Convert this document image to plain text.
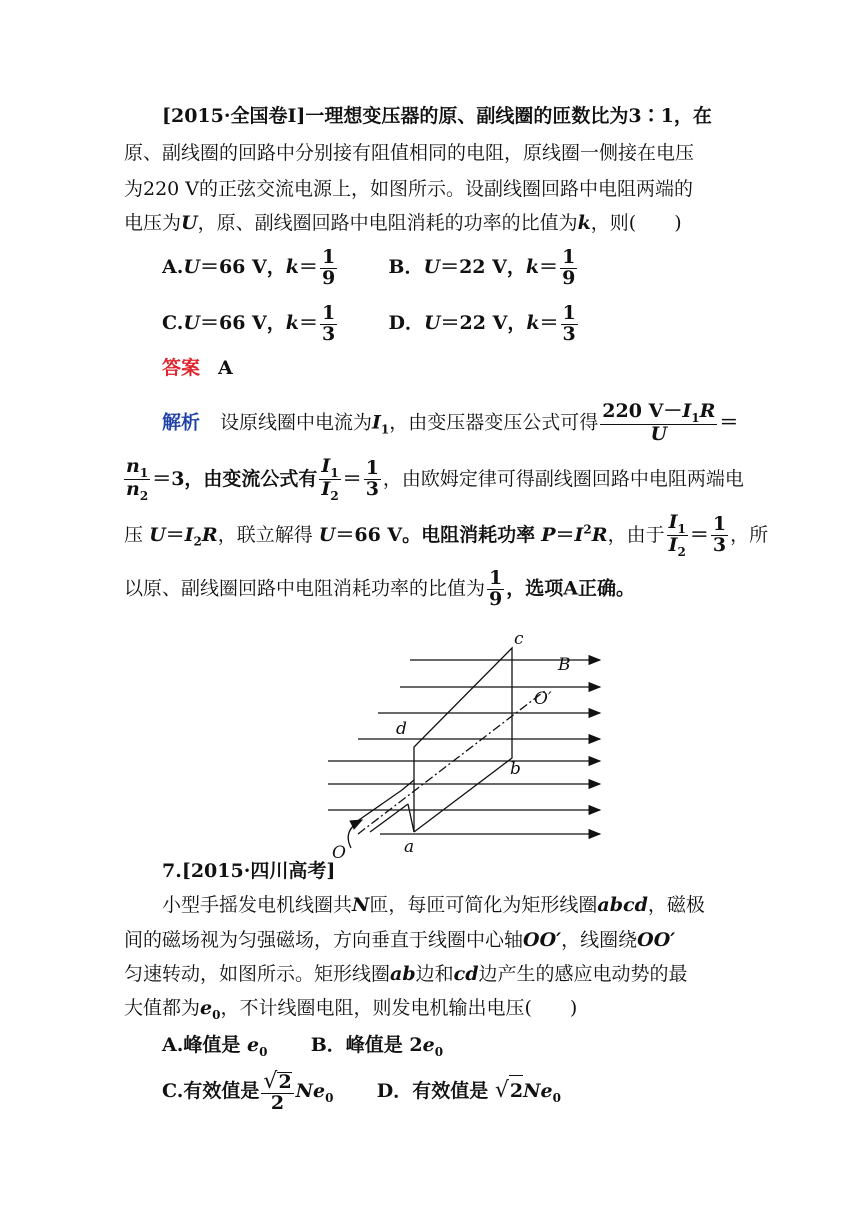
[2015·全国卷Ⅰ]一理想变压器的原、副线圈的匝数比为3∶1，在
原、副线圈的回路中分别接有阻值相同的电阻，原线圈一侧接在电压
为220 V的正弦交流电源上，如图所示。设副线圈回路中电阻两端的
电压为U，原、副线圈回路中电阻消耗的功率的比值为k，则(　　)
A.U＝66 V，$k= \frac{1}{9}$	B．U＝22 V，$k= \frac{1}{9}$
C.U＝66 V，$k= \frac{1}{3}$	D．U＝22 V，$k= \frac{1}{3}$
答案 A
解析 设原线圈中电流为$I_1$，由变压器变压公式可得 $\frac{220 V-I_1R}{U}$ ＝
$\frac{n_1}{n_2} =3$，由变流公式有 $\frac{I_1}{I_2} = \frac{1}{3}$ ，由欧姆定律可得副线圈回路中电阻两端电
压 $U=I_2R$，联立解得 U＝66 V。电阻消耗功率 $P=I^2R$，由于 $\frac{I_1}{I_2} = \frac{1}{3}$ ，所
以原、副线圈回路中电阻消耗功率的比值为 $\frac{1}{9}$ ，选项A正确。
c
B
O′
d
b
O	a
7.[2015·四川高考]
小型手摇发电机线圈共N匝，每匝可简化为矩形线圈abcd，磁极
间的磁场视为匀强磁场，方向垂直于线圈中心轴OO′，线圈绕OO′
匀速转动，如图所示。矩形线圈ab边和cd边产生的感应电动势的最
大值都为$e_0$，不计线圈电阻，则发电机输出电压(　　)
A.峰值是 $e_0$ B．峰值是 $2e_0$
C.有效值是 $\frac{√2}{2} Ne_0$ D．有效值是 $√2Ne_0$
